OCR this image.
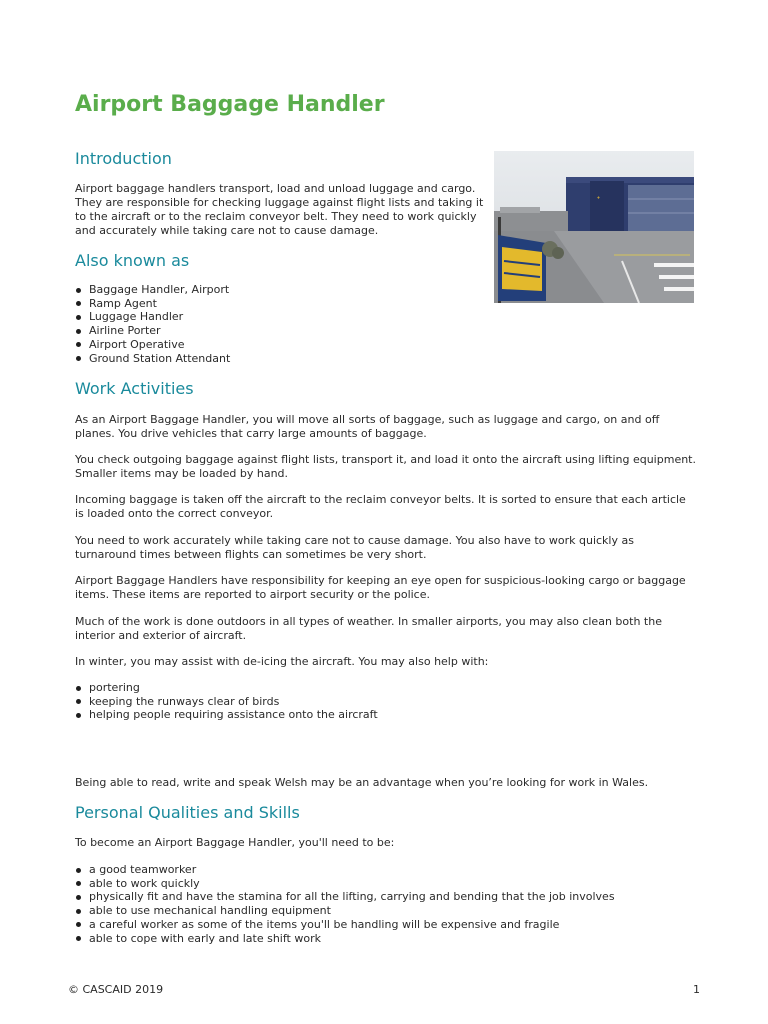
Airport Baggage Handler
Introduction

Airport baggage handlers transport, load and unload luggage and cargo. They are responsible for checking luggage against flight lists and taking it to the aircraft or to the reclaim conveyor belt. They need to work quickly and accurately while taking care not to cause damage.

✈
Also known as
Baggage Handler, Airport
Ramp Agent
Luggage Handler
Airline Porter
Airport Operative
Ground Station Attendant
Work Activities

As an Airport Baggage Handler, you will move all sorts of baggage, such as luggage and cargo, on and off planes. You drive vehicles that carry large amounts of baggage.

You check outgoing baggage against flight lists, transport it, and load it onto the aircraft using lifting equipment. Smaller items may be loaded by hand.

Incoming baggage is taken off the aircraft to the reclaim conveyor belts. It is sorted to ensure that each article is loaded onto the correct conveyor.

You need to work accurately while taking care not to cause damage. You also have to work quickly as turnaround times between flights can sometimes be very short.

Airport Baggage Handlers have responsibility for keeping an eye open for suspicious-looking cargo or baggage items. These items are reported to airport security or the police.

Much of the work is done outdoors in all types of weather. In smaller airports, you may also clean both the interior and exterior of aircraft.

In winter, you may assist with de-icing the aircraft. You may also help with:

portering
keeping the runways clear of birds
helping people requiring assistance onto the aircraft

Being able to read, write and speak Welsh may be an advantage when you’re looking for work in Wales.

Personal Qualities and Skills

To become an Airport Baggage Handler, you'll need to be:

a good teamworker
able to work quickly
physically fit and have the stamina for all the lifting, carrying and bending that the job involves
able to use mechanical handling equipment
a careful worker as some of the items you'll be handling will be expensive and fragile
able to cope with early and late shift work
© CASCAID 2019	1
